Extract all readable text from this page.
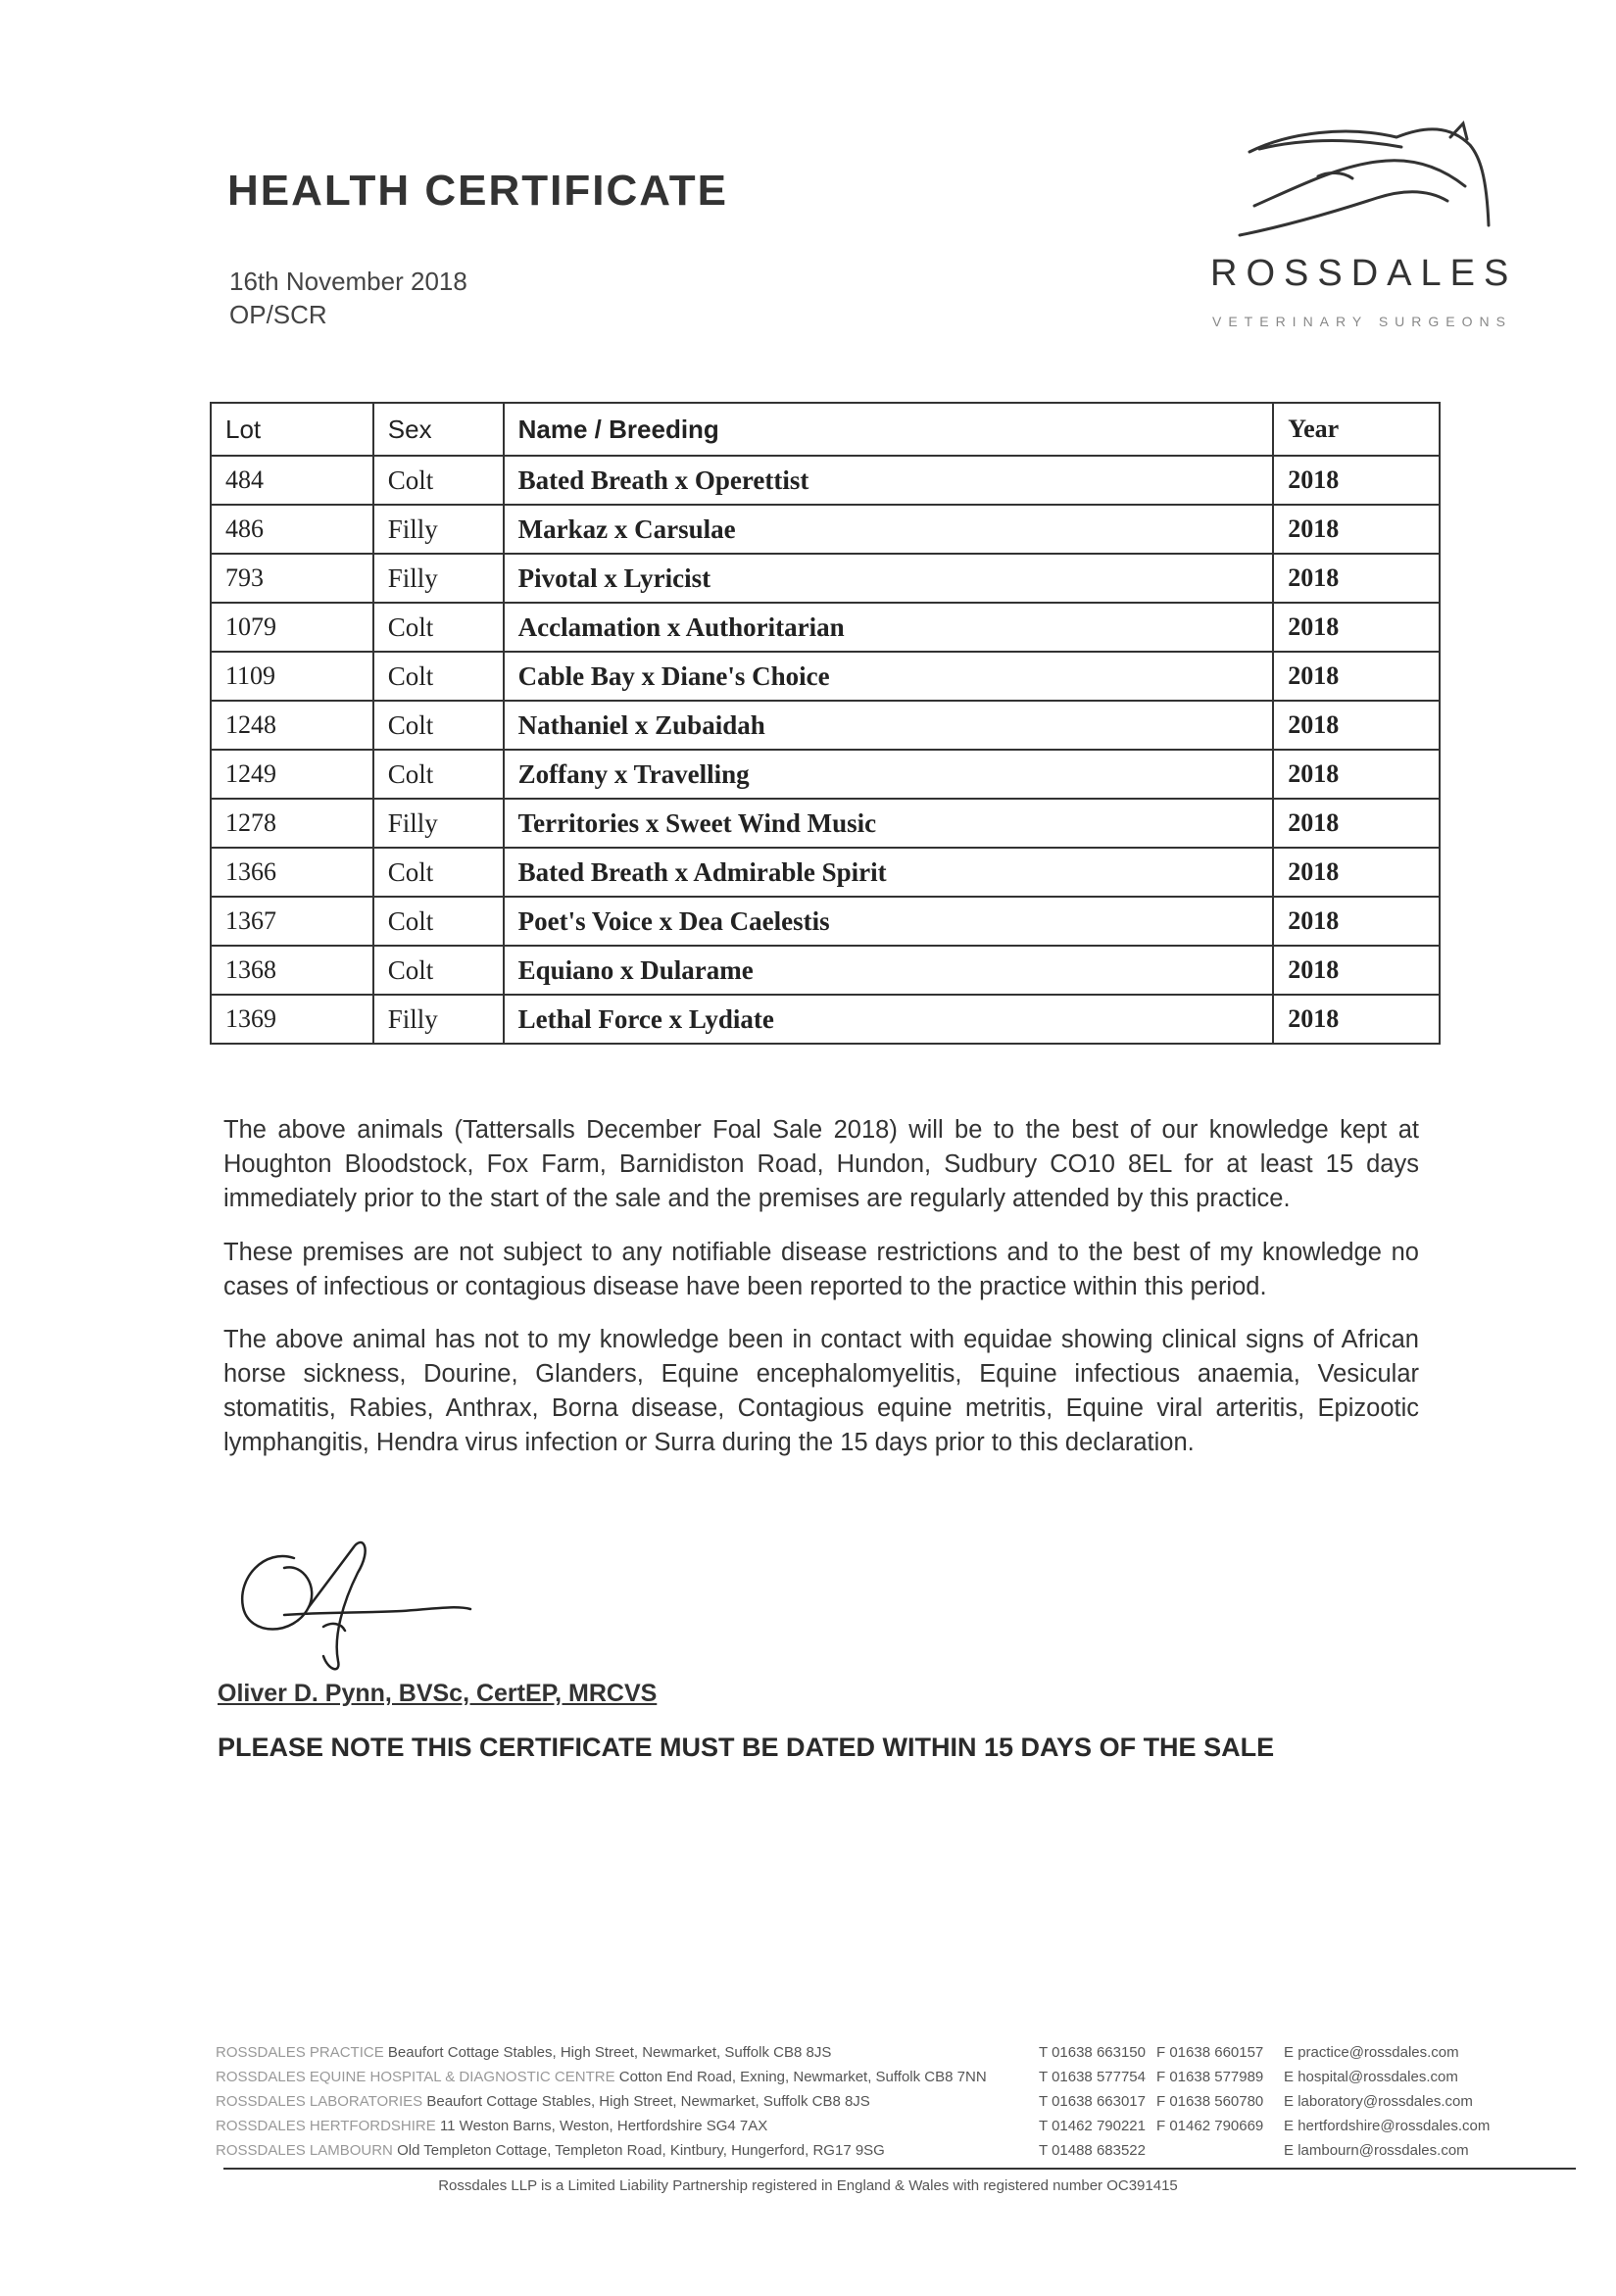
HEALTH CERTIFICATE
16th November 2018
OP/SCR
ROSSDALES
VETERINARY SURGEONS
Lot	Sex	Name / Breeding	Year
484	Colt	Bated Breath x Operettist	2018
486	Filly	Markaz x Carsulae	2018
793	Filly	Pivotal x Lyricist	2018
1079	Colt	Acclamation x Authoritarian	2018
1109	Colt	Cable Bay x Diane's Choice	2018
1248	Colt	Nathaniel x Zubaidah	2018
1249	Colt	Zoffany x Travelling	2018
1278	Filly	Territories x Sweet Wind Music	2018
1366	Colt	Bated Breath x Admirable Spirit	2018
1367	Colt	Poet's Voice x Dea Caelestis	2018
1368	Colt	Equiano x Dularame	2018
1369	Filly	Lethal Force x Lydiate	2018
The above animals (Tattersalls December Foal Sale 2018) will be to the best of our knowledge kept at Houghton Bloodstock, Fox Farm, Barnidiston Road, Hundon, Sudbury CO10 8EL for at least 15 days immediately prior to the start of the sale and the premises are regularly attended by this practice.
These premises are not subject to any notifiable disease restrictions and to the best of my knowledge no cases of infectious or contagious disease have been reported to the practice within this period.
The above animal has not to my knowledge been in contact with equidae showing clinical signs of African horse sickness, Dourine, Glanders, Equine encephalomyelitis, Equine infectious anaemia, Vesicular stomatitis, Rabies, Anthrax, Borna disease, Contagious equine metritis, Equine viral arteritis, Epizootic lymphangitis, Hendra virus infection or Surra during the 15 days prior to this declaration.
Oliver D. Pynn, BVSc, CertEP, MRCVS
PLEASE NOTE THIS CERTIFICATE MUST BE DATED WITHIN 15 DAYS OF THE SALE
ROSSDALES PRACTICE Beaufort Cottage Stables, High Street, Newmarket, Suffolk CB8 8JS	T 01638 663150 F 01638 660157	E practice@rossdales.com
ROSSDALES EQUINE HOSPITAL & DIAGNOSTIC CENTRE Cotton End Road, Exning, Newmarket, Suffolk CB8 7NN	T 01638 577754 F 01638 577989	E hospital@rossdales.com
ROSSDALES LABORATORIES Beaufort Cottage Stables, High Street, Newmarket, Suffolk CB8 8JS	T 01638 663017 F 01638 560780	E laboratory@rossdales.com
ROSSDALES HERTFORDSHIRE 11 Weston Barns, Weston, Hertfordshire SG4 7AX	T 01462 790221 F 01462 790669	E hertfordshire@rossdales.com
ROSSDALES LAMBOURN Old Templeton Cottage, Templeton Road, Kintbury, Hungerford, RG17 9SG	T 01488 683522	E lambourn@rossdales.com
Rossdales LLP is a Limited Liability Partnership registered in England & Wales with registered number OC391415
